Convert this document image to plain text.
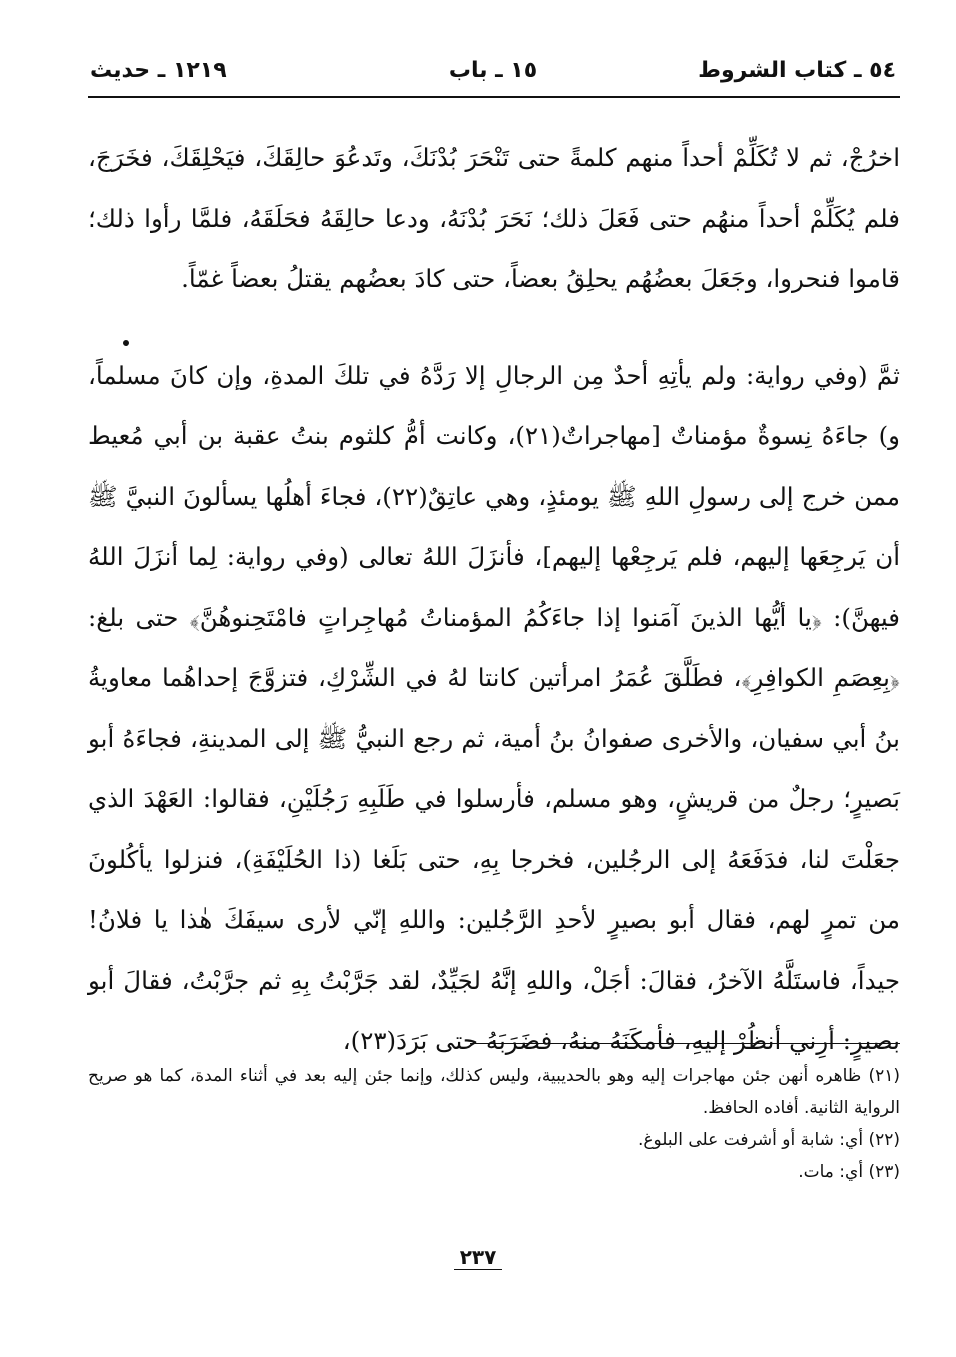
٥٤ ـ كتاب الشروط
١٥ ـ باب
١٢١٩ ـ حديث

اخرُجْ، ثم لا تُكَلِّمْ أحداً منهم كلمةً حتى تَنْحَرَ بُدْنَكَ، وتَدعُوَ حالِقَكَ، فيَحْلِقَكَ، فخَرَجَ، فلم يُكَلِّمْ أحداً منهُم حتى فَعَلَ ذلك؛ نَحَرَ بُدْنَهُ، ودعا حالِقَهُ فحَلَقَهُ، فلمَّا رأوا ذلك؛ قاموا فنحروا، وجَعَلَ بعضُهُم يحلِقُ بعضاً، حتى كادَ بعضُهم يقتلُ بعضاً غمّاً.

ثمَّ (وفي رواية: ولم يأتِهِ أحدٌ مِن الرجالِ إلا رَدَّهُ في تلكَ المدةِ، وإن كانَ مسلماً، و) جاءَهُ نِسوةٌ مؤمناتٌ [مهاجراتٌ(٢١)، وكانت أمُّ كلثوم بنتُ عقبة بن أبي مُعيط ممن خرج إلى رسولِ اللهِ ﷺ يومئذٍ، وهي عاتِقٌ(٢٢)، فجاءَ أهلُها يسألونَ النبيَّ ﷺ أن يَرجِعَها إليهم، فلم يَرجِعْها إليهم]، فأنزَلَ اللهُ تعالى (وفي رواية: لِما أنزَلَ اللهُ فيهنَّ): ﴿يا أيُّها الذينَ آمَنوا إذا جاءَكُمُ المؤمناتُ مُهاجِراتٍ فامْتَحِنوهُنَّ﴾ حتى بلغ: ﴿بِعِصَمِ الكوافِرِ﴾، فطَلَّقَ عُمَرُ امرأتين كانتا لهُ في الشِّرْكِ، فتزوَّجَ إحداهُما معاويةُ بنُ أبي سفيان، والأخرى صفوانُ بنُ أمية، ثم رجع النبيُّ ﷺ إلى المدينةِ، فجاءَهُ أبو بَصيرٍ؛ رجلٌ من قريشٍ، وهو مسلم، فأرسلوا في طَلَبِهِ رَجُلَيْنِ، فقالوا: العَهْدَ الذي جعَلْتَ لنا، فدَفَعَهُ إلى الرجُلين، فخرجا بِهِ، حتى بَلَغا (ذا الحُلَيْفَةِ)، فنزلوا يأكُلونَ من تمرٍ لهم، فقال أبو بصيرٍ لأحدِ الرَّجُلين: واللهِ إنّي لأرى سيفَكَ هٰذا يا فلانُ! جيداً، فاستَلَّهُ الآخرُ، فقالَ: أجَلْ، واللهِ إنَّهُ لجَيِّدٌ، لقد جَرَّبْتُ بِهِ ثم جرَّبْتُ، فقالَ أبو بصيرٍ: أرِني أنظُرْ إليهِ، فأمكَنَهُ منهُ، فضَرَبَهُ حتى بَرَدَ(٢٣)،

(٢١) ظاهره أنهن جئن مهاجرات إليه وهو بالحديبية، وليس كذلك، وإنما جئن إليه بعد في أثناء المدة، كما هو صريح الرواية الثانية. أفاده الحافظ.

(٢٢) أي: شابة أو أشرفت على البلوغ.

(٢٣) أي: مات.

٢٣٧
